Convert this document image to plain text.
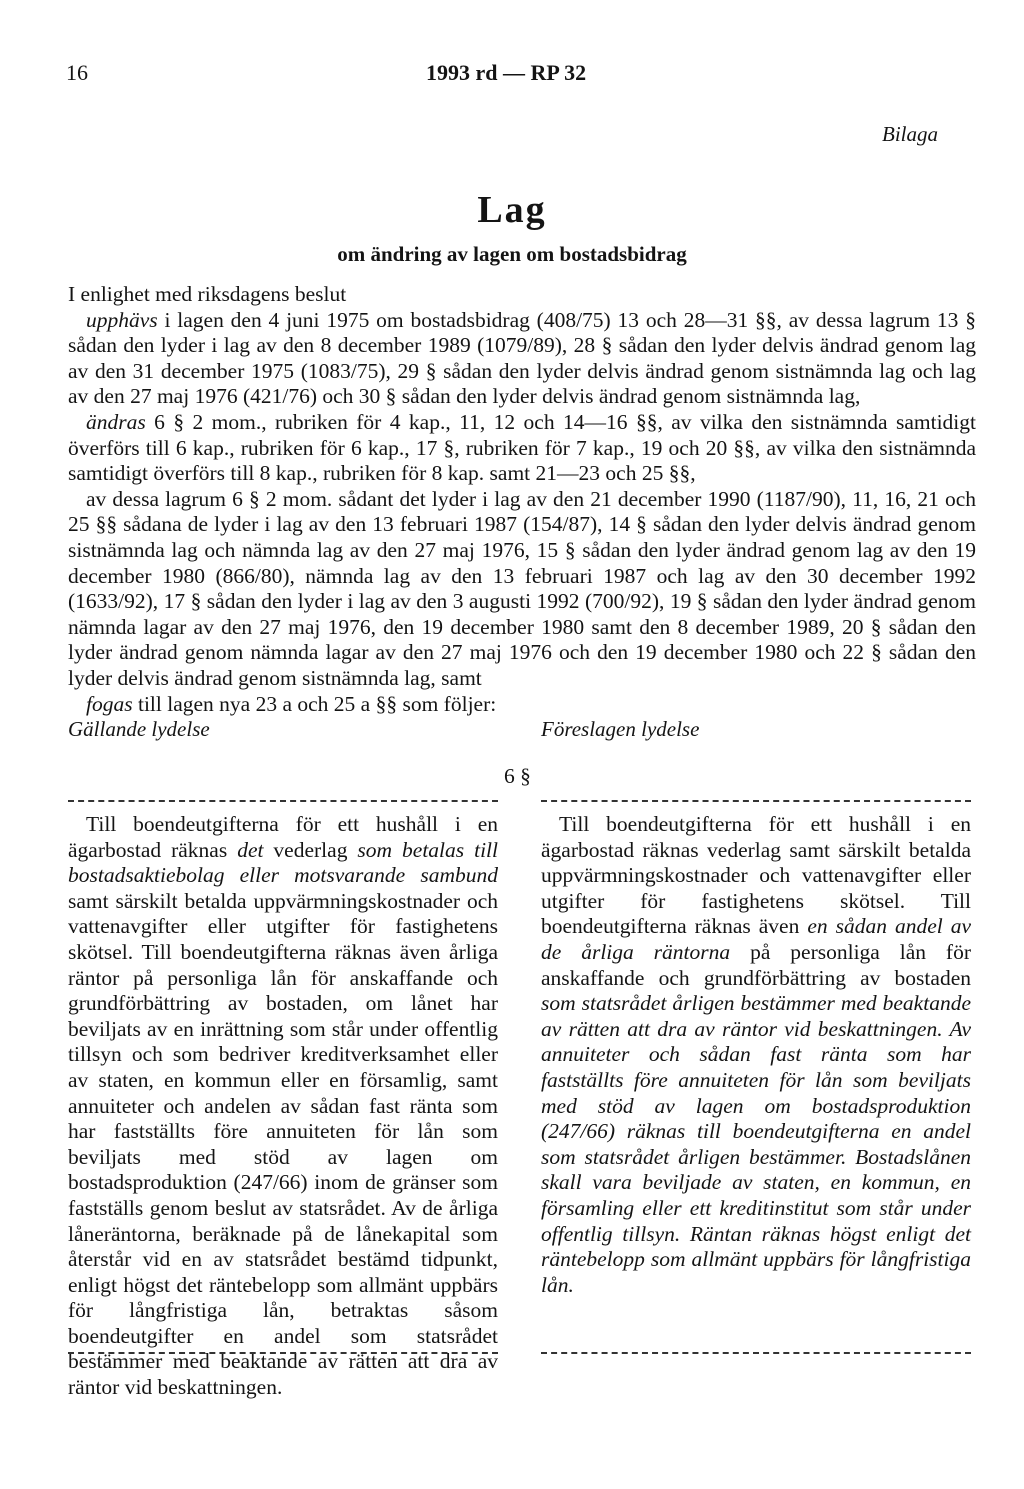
16	1993 rd — RP 32
Bilaga
Lag
om ändring av lagen om bostadsbidrag

I enlighet med riksdagens beslut

upphävs i lagen den 4 juni 1975 om bostadsbidrag (408/75) 13 och 28—31 §§, av dessa lagrum 13 § sådan den lyder i lag av den 8 december 1989 (1079/89), 28 § sådan den lyder delvis ändrad genom lag av den 31 december 1975 (1083/75), 29 § sådan den lyder delvis ändrad genom sistnämnda lag och lag av den 27 maj 1976 (421/76) och 30 § sådan den lyder delvis ändrad genom sistnämnda lag,

ändras 6 § 2 mom., rubriken för 4 kap., 11, 12 och 14—16 §§, av vilka den sistnämnda samtidigt överförs till 6 kap., rubriken för 6 kap., 17 §, rubriken för 7 kap., 19 och 20 §§, av vilka den sistnämnda samtidigt överförs till 8 kap., rubriken för 8 kap. samt 21—23 och 25 §§,

av dessa lagrum 6 § 2 mom. sådant det lyder i lag av den 21 december 1990 (1187/90), 11, 16, 21 och 25 §§ sådana de lyder i lag av den 13 februari 1987 (154/87), 14 § sådan den lyder delvis ändrad genom sistnämnda lag och nämnda lag av den 27 maj 1976, 15 § sådan den lyder ändrad genom lag av den 19 december 1980 (866/80), nämnda lag av den 13 februari 1987 och lag av den 30 december 1992 (1633/92), 17 § sådan den lyder i lag av den 3 augusti 1992 (700/92), 19 § sådan den lyder ändrad genom nämnda lagar av den 27 maj 1976, den 19 december 1980 samt den 8 december 1989, 20 § sådan den lyder ändrad genom nämnda lagar av den 27 maj 1976 och den 19 december 1980 och 22 § sådan den lyder delvis ändrad genom sistnämnda lag, samt

fogas till lagen nya 23 a och 25 a §§ som följer:

Gällande lydelse	Föreslagen lydelse
6 §

Till boendeutgifterna för ett hushåll i en ägarbostad räknas det vederlag som betalas till bostadsaktiebolag eller motsvarande sambund samt särskilt betalda uppvärmningskostnader och vattenavgifter eller utgifter för fastighetens skötsel. Till boendeutgifterna räknas även årliga räntor på personliga lån för anskaffande och grundförbättring av bostaden, om lånet har beviljats av en inrättning som står under offentlig tillsyn och som bedriver kreditverksamhet eller av staten, en kommun eller en församlig, samt annuiteter och andelen av sådan fast ränta som har fastställts före annuiteten för lån som beviljats med stöd av lagen om bostadsproduktion (247/66) inom de gränser som fastställs genom beslut av statsrådet. Av de årliga låneräntorna, beräknade på de lånekapital som återstår vid en av statsrådet bestämd tidpunkt, enligt högst det räntebelopp som allmänt uppbärs för långfristiga lån, betraktas såsom boendeutgifter en andel som statsrådet bestämmer med beaktande av rätten att dra av räntor vid beskattningen.

Till boendeutgifterna för ett hushåll i en ägarbostad räknas vederlag samt särskilt betalda uppvärmningskostnader och vattenavgifter eller utgifter för fastighetens skötsel. Till boendeutgifterna räknas även en sådan andel av de årliga räntorna på personliga lån för anskaffande och grundförbättring av bostaden som statsrådet årligen bestämmer med beaktande av rätten att dra av räntor vid beskattningen. Av annuiteter och sådan fast ränta som har fastställts före annuiteten för lån som beviljats med stöd av lagen om bostadsproduktion (247/66) räknas till boendeutgifterna en andel som statsrådet årligen bestämmer. Bostadslånen skall vara beviljade av staten, en kommun, en församling eller ett kreditinstitut som står under offentlig tillsyn. Räntan räknas högst enligt det räntebelopp som allmänt uppbärs för långfristiga lån.
